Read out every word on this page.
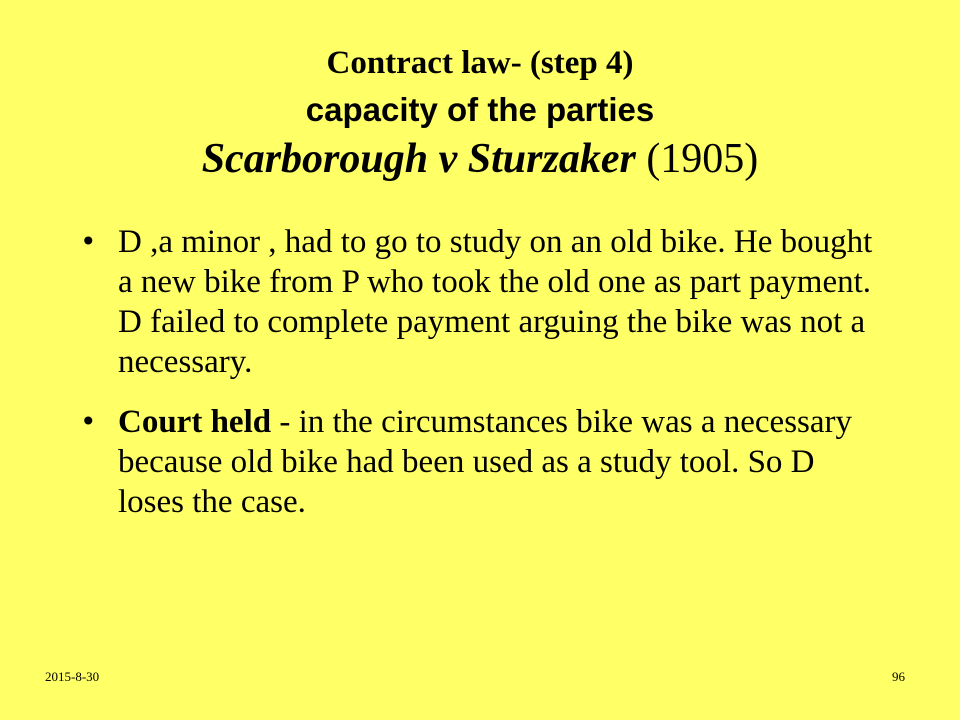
Contract law- (step 4)
capacity of the parties
Scarborough v Sturzaker (1905)
• D ,a minor , had to go to study on an old bike. He bought a new bike from P who took the old one as part payment. D failed to complete payment arguing the bike was not a necessary.
• Court held - in the circumstances bike was a necessary because old bike had been used as a study tool. So D loses the case.
2015-8-30	96
